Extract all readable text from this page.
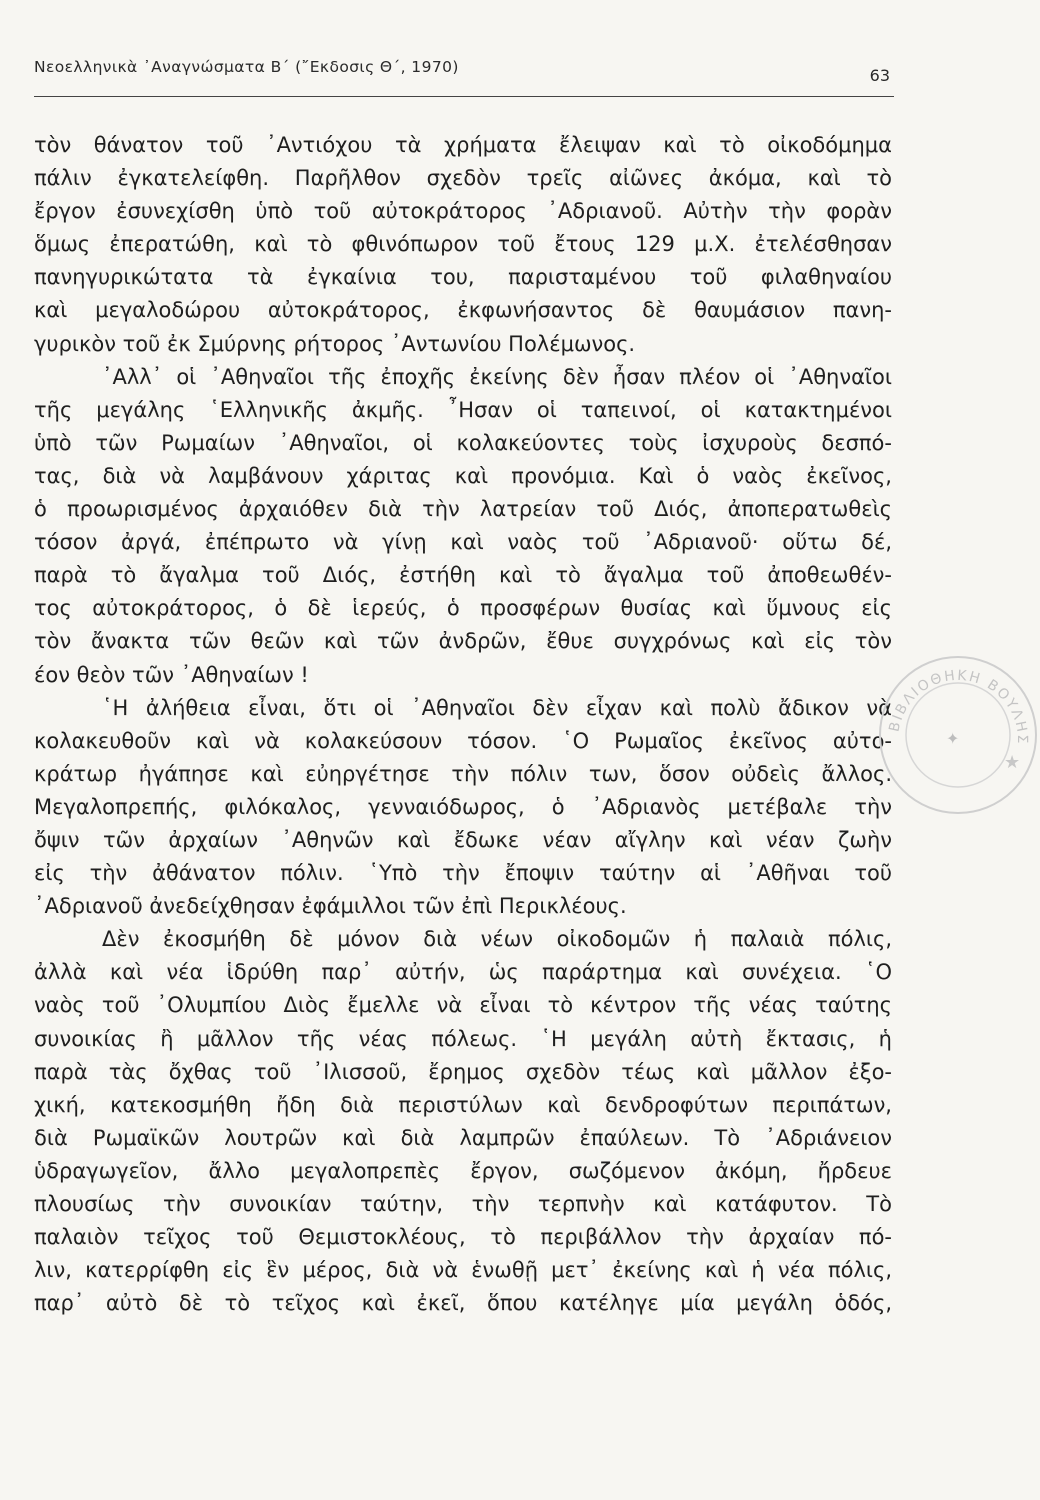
Νεοελληνικὰ ᾿Αναγνώσματα Β΄ (῎Εκδοσις Θ΄, 1970)	63
τὸν θάνατον τοῦ ᾿Αντιόχου τὰ χρήματα ἔλειψαν καὶ τὸ οἰκοδόμημα
πάλιν ἐγκατελείφθη. Παρῆλθον σχεδὸν τρεῖς αἰῶνες ἀκόμα, καὶ τὸ
ἔργον ἐσυνεχίσθη ὑπὸ τοῦ αὐτοκράτορος ᾿Αδριανοῦ. Αὐτὴν τὴν φορὰν
ὅμως ἐπερατώθη, καὶ τὸ φθινόπωρον τοῦ ἔτους 129 μ.Χ. ἐτελέσθησαν
πανηγυρικώτατα τὰ ἐγκαίνια του, παρισταμένου τοῦ φιλαθηναίου
καὶ μεγαλοδώρου αὐτοκράτορος, ἐκφωνήσαντος δὲ θαυμάσιον πανη-
γυρικὸν τοῦ ἐκ Σμύρνης ρήτορος ᾿Αντωνίου Πολέμωνος.
᾿Αλλ᾿ οἱ ᾿Αθηναῖοι τῆς ἐποχῆς ἐκείνης δὲν ἦσαν πλέον οἱ ᾿Αθηναῖοι
τῆς μεγάλης ῾Ελληνικῆς ἀκμῆς. ῏Ησαν οἱ ταπεινοί, οἱ κατακτημένοι
ὑπὸ τῶν Ρωμαίων ᾿Αθηναῖοι, οἱ κολακεύοντες τοὺς ἰσχυροὺς δεσπό-
τας, διὰ νὰ λαμβάνουν χάριτας καὶ προνόμια. Καὶ ὁ ναὸς ἐκεῖνος,
ὁ προωρισμένος ἀρχαιόθεν διὰ τὴν λατρείαν τοῦ Διός, ἀποπερατωθεὶς
τόσον ἀργά, ἐπέπρωτο νὰ γίνῃ καὶ ναὸς τοῦ ᾿Αδριανοῦ· οὕτω δέ,
παρὰ τὸ ἄγαλμα τοῦ Διός, ἐστήθη καὶ τὸ ἄγαλμα τοῦ ἀποθεωθέν-
τος αὐτοκράτορος, ὁ δὲ ἱερεύς, ὁ προσφέρων θυσίας καὶ ὕμνους εἰς
τὸν ἄνακτα τῶν θεῶν καὶ τῶν ἀνδρῶν, ἔθυε συγχρόνως καὶ εἰς τὸν
έον θεὸν τῶν ᾿Αθηναίων !
῾Η ἀλήθεια εἶναι, ὅτι οἱ ᾿Αθηναῖοι δὲν εἶχαν καὶ πολὺ ἄδικον νὰ
κολακευθοῦν καὶ νὰ κολακεύσουν τόσον. ῾Ο Ρωμαῖος ἐκεῖνος αὐτο-
κράτωρ ἠγάπησε καὶ εὐηργέτησε τὴν πόλιν των, ὅσον οὐδεὶς ἄλλος.
Μεγαλοπρεπής, φιλόκαλος, γενναιόδωρος, ὁ ᾿Αδριανὸς μετέβαλε τὴν
ὄψιν τῶν ἀρχαίων ᾿Αθηνῶν καὶ ἔδωκε νέαν αἴγλην καὶ νέαν ζωὴν
εἰς τὴν ἀθάνατον πόλιν. ῾Υπὸ τὴν ἔποψιν ταύτην αἱ ᾿Αθῆναι τοῦ
᾿Αδριανοῦ ἀνεδείχθησαν ἐφάμιλλοι τῶν ἐπὶ Περικλέους.
Δὲν ἐκοσμήθη δὲ μόνον διὰ νέων οἰκοδομῶν ἡ παλαιὰ πόλις,
ἀλλὰ καὶ νέα ἱδρύθη παρ᾿ αὐτήν, ὡς παράρτημα καὶ συνέχεια. ῾Ο
ναὸς τοῦ ᾿Ολυμπίου Διὸς ἔμελλε νὰ εἶναι τὸ κέντρον τῆς νέας ταύτης
συνοικίας ἢ μᾶλλον τῆς νέας πόλεως. ῾Η μεγάλη αὐτὴ ἔκτασις, ἡ
παρὰ τὰς ὄχθας τοῦ ᾿Ιλισσοῦ, ἔρημος σχεδὸν τέως καὶ μᾶλλον ἐξο-
χική, κατεκοσμήθη ἤδη διὰ περιστύλων καὶ δενδροφύτων περιπάτων,
διὰ Ρωμαϊκῶν λουτρῶν καὶ διὰ λαμπρῶν ἐπαύλεων. Τὸ ᾿Αδριάνειον
ὑδραγωγεῖον, ἄλλο μεγαλοπρεπὲς ἔργον, σωζόμενον ἀκόμη, ἤρδευε
πλουσίως τὴν συνοικίαν ταύτην, τὴν τερπνὴν καὶ κατάφυτον. Τὸ
παλαιὸν τεῖχος τοῦ Θεμιστοκλέους, τὸ περιβάλλον τὴν ἀρχαίαν πό-
λιν, κατερρίφθη εἰς ἓν μέρος, διὰ νὰ ἑνωθῇ μετ᾿ ἐκείνης καὶ ἡ νέα πόλις,
παρ᾿ αὐτὸ δὲ τὸ τεῖχος καὶ ἐκεῖ, ὅπου κατέληγε μία μεγάλη ὁδός,
ΒΙΒΛΙΟΘΗΚΗ ΒΟΥΛΗΣ
✦
★
